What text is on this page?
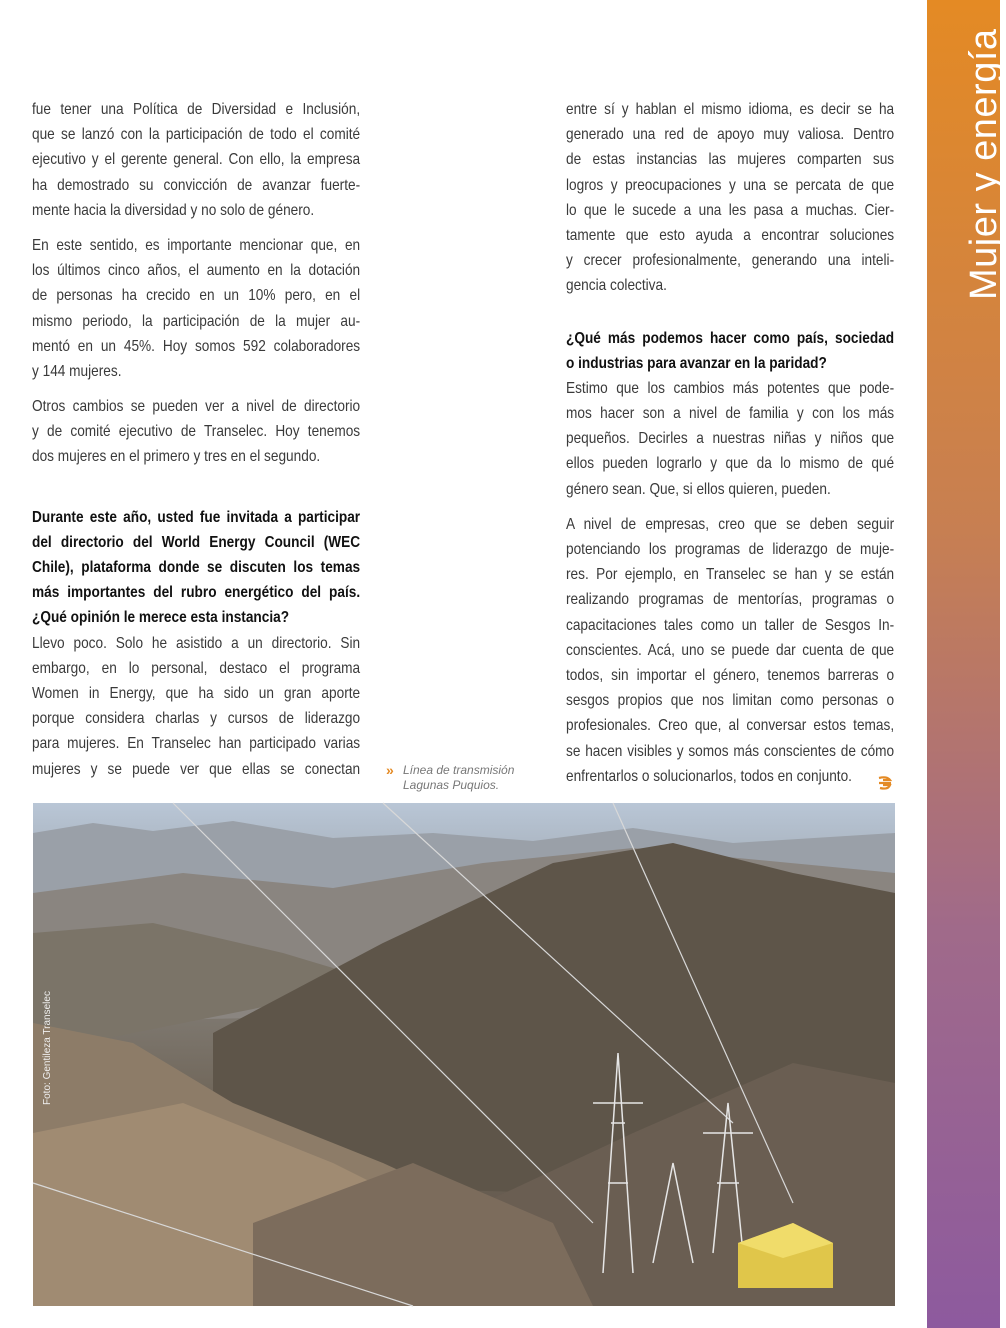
fue tener una Política de Diversidad e Inclusión,
que se lanzó con la participación de todo el comité
ejecutivo y el gerente general. Con ello, la empresa
ha demostrado su convicción de avanzar fuerte-
mente hacia la diversidad y no solo de género.
En este sentido, es importante mencionar que, en
los últimos cinco años, el aumento en la dotación
de personas ha crecido en un 10% pero, en el
mismo periodo, la participación de la mujer au-
mentó en un 45%. Hoy somos 592 colaboradores
y 144 mujeres.
Otros cambios se pueden ver a nivel de directorio
y de comité ejecutivo de Transelec. Hoy tenemos
dos mujeres en el primero y tres en el segundo.
Durante este año, usted fue invitada a participar
del directorio del World Energy Council (WEC
Chile), plataforma donde se discuten los temas
más importantes del rubro energético del país.
¿Qué opinión le merece esta instancia?
Llevo poco. Solo he asistido a un directorio. Sin
embargo, en lo personal, destaco el programa
Women in Energy, que ha sido un gran aporte
porque considera charlas y cursos de liderazgo
para mujeres. En Transelec han participado varias
mujeres y se puede ver que ellas se conectan
entre sí y hablan el mismo idioma, es decir se ha
generado una red de apoyo muy valiosa. Dentro
de estas instancias las mujeres comparten sus
logros y preocupaciones y una se percata de que
lo que le sucede a una les pasa a muchas. Cier-
tamente que esto ayuda a encontrar soluciones
y crecer profesionalmente, generando una inteli-
gencia colectiva.
¿Qué más podemos hacer como país, sociedad
o industrias para avanzar en la paridad?
Estimo que los cambios más potentes que pode-
mos hacer son a nivel de familia y con los más
pequeños. Decirles a nuestras niñas y niños que
ellos pueden lograrlo y que da lo mismo de qué
género sean. Que, si ellos quieren, pueden.
A nivel de empresas, creo que se deben seguir
potenciando los programas de liderazgo de muje-
res. Por ejemplo, en Transelec se han y se están
realizando programas de mentorías, programas o
capacitaciones tales como un taller de Sesgos In-
conscientes. Acá, uno se puede dar cuenta de que
todos, sin importar el género, tenemos barreras o
sesgos propios que nos limitan como personas o
profesionales. Creo que, al conversar estos temas,
se hacen visibles y somos más conscientes de cómo
enfrentarlos o solucionarlos, todos en conjunto.
» Línea de transmisión
Lagunas Puquios.
Foto: Gentileza Transelec
Mujer y energía
